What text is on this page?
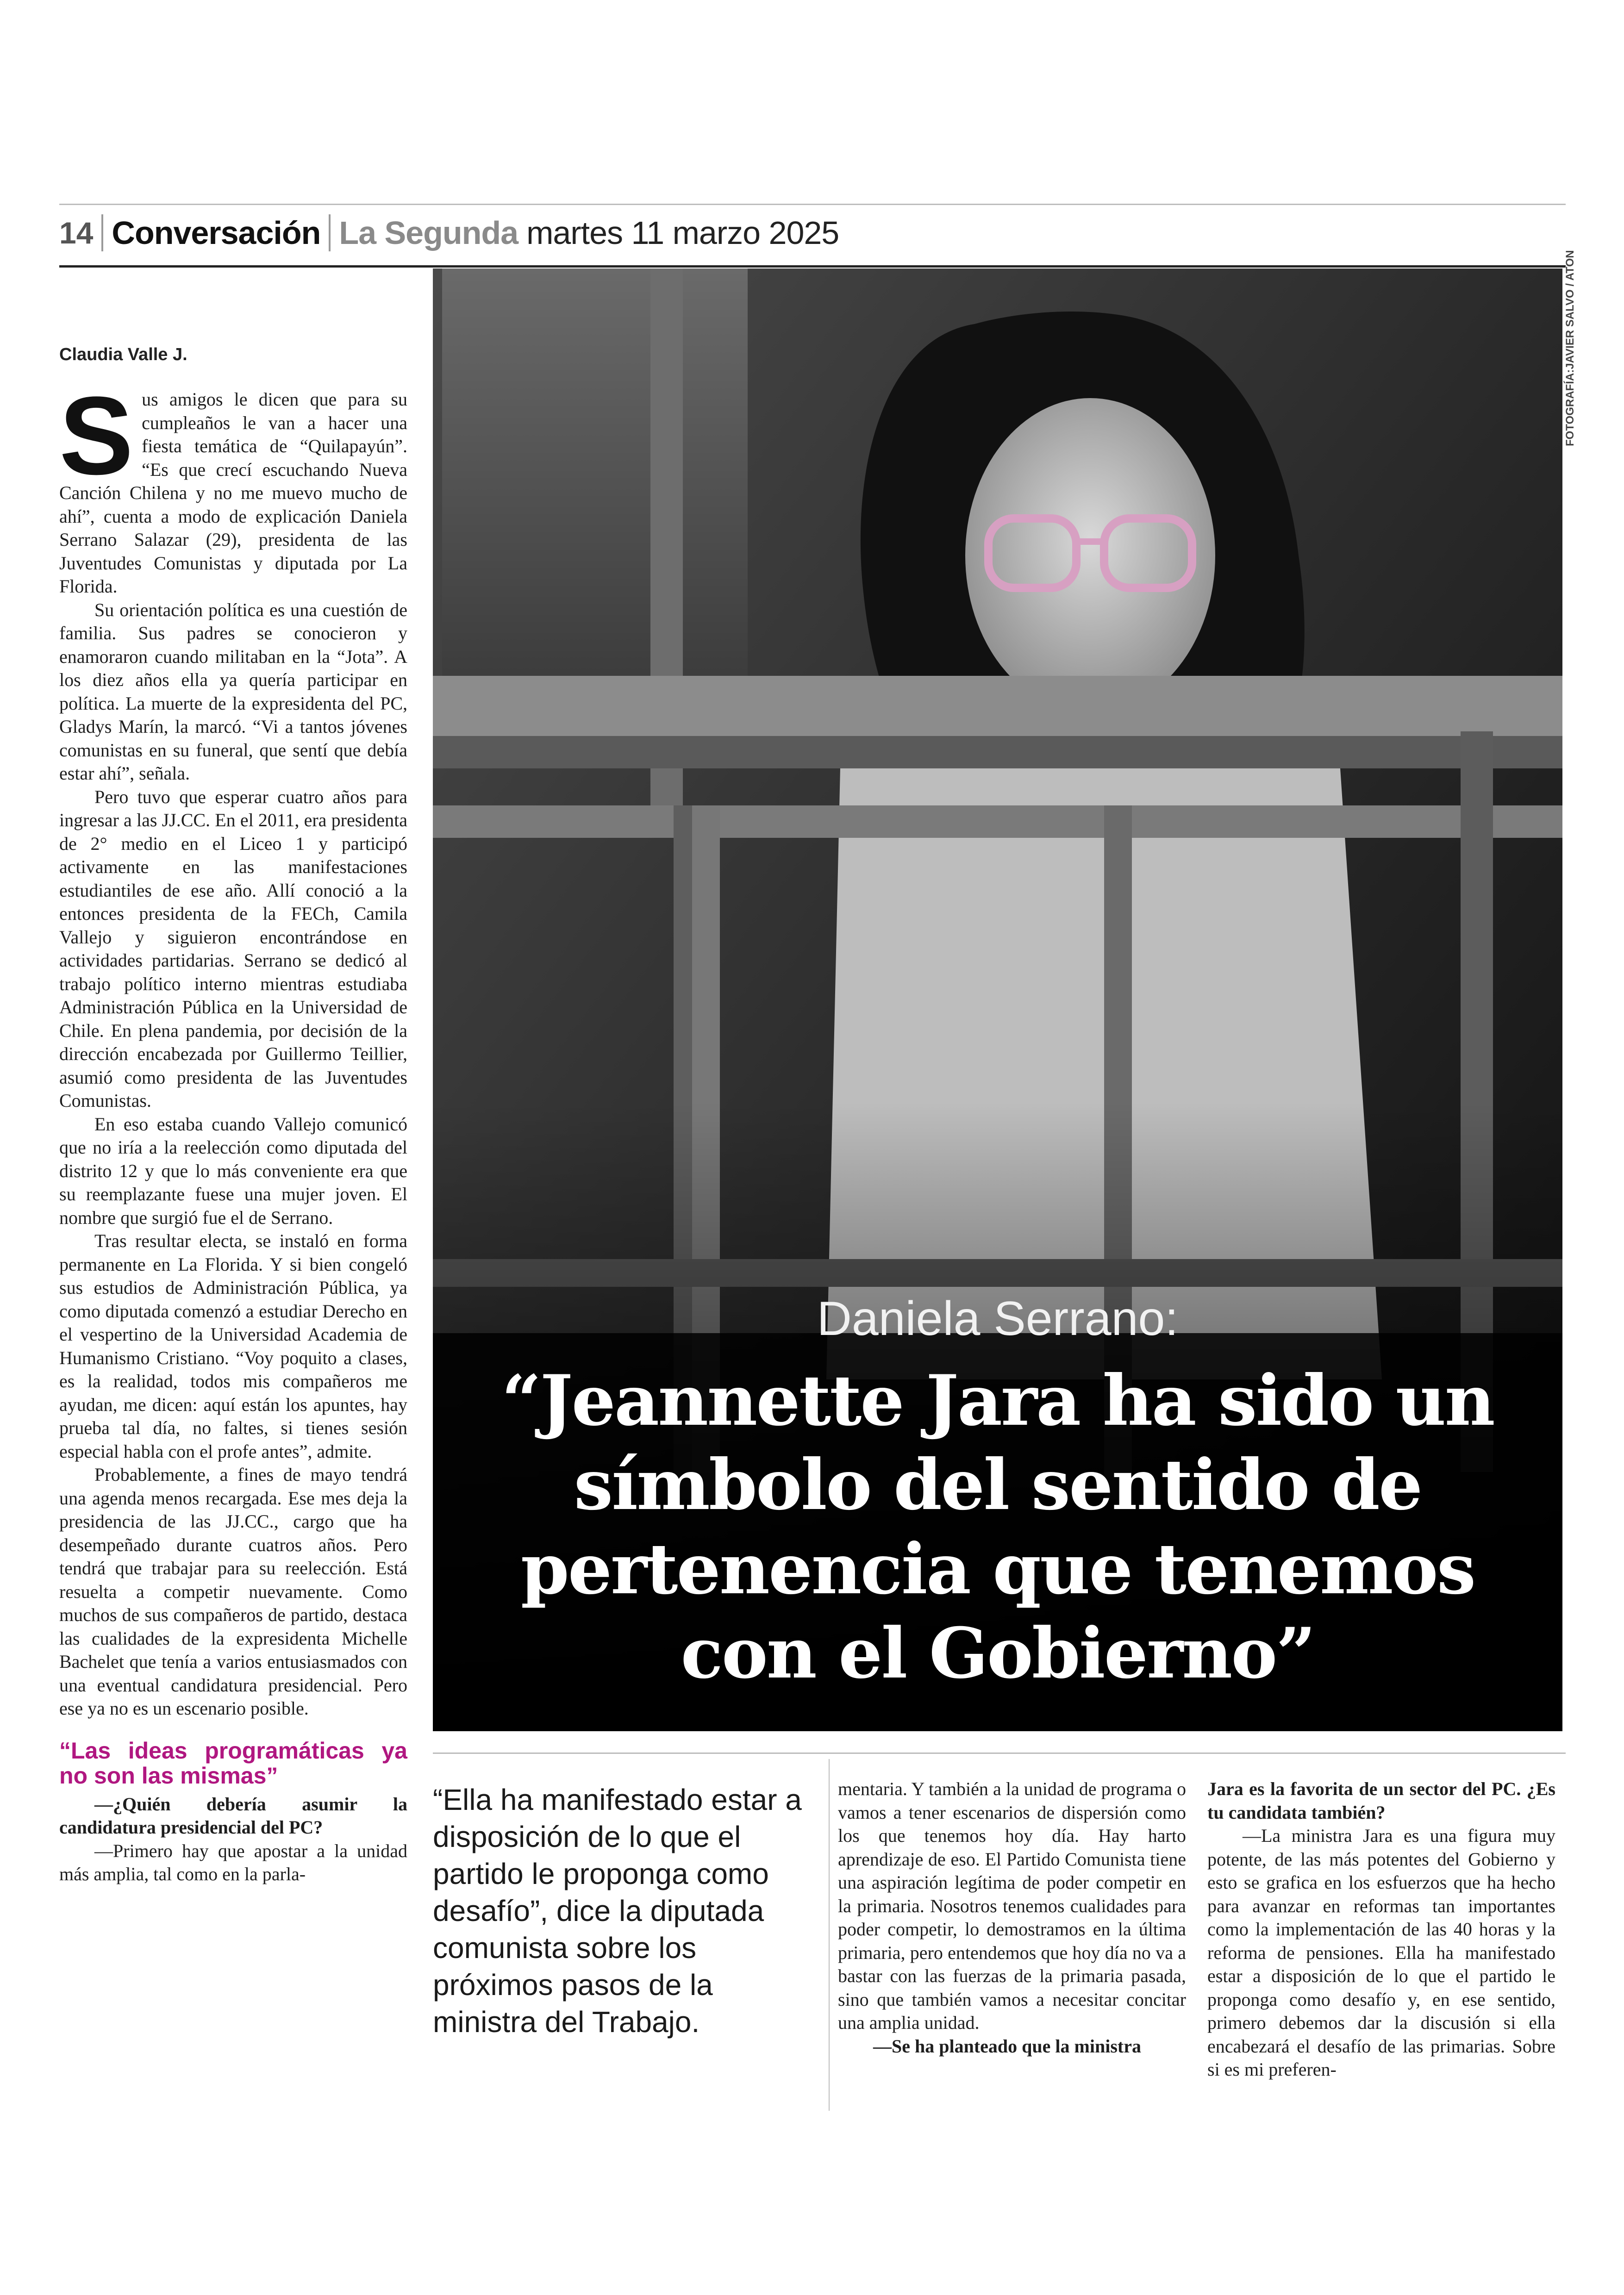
14 Conversación La Segunda martes 11 marzo 2025
FOTOGRAFÍA:JAVIER SALVO / ATON
Daniela Serrano:
“Jeannette Jara ha sido un símbolo del sentido de pertenencia que tenemos con el Gobierno”
Claudia Valle J.

Sus amigos le dicen que para su cumpleaños le van a hacer una fiesta temática de “Quilapayún”. “Es que crecí escuchando Nueva Canción Chilena y no me muevo mucho de ahí”, cuenta a modo de explicación Daniela Serrano Salazar (29), presidenta de las Juventudes Comunistas y diputada por La Florida.

Su orientación política es una cuestión de familia. Sus padres se conocieron y enamoraron cuando militaban en la “Jota”. A los diez años ella ya quería participar en política. La muerte de la expresidenta del PC, Gladys Marín, la marcó. “Vi a tantos jóvenes comunistas en su funeral, que sentí que debía estar ahí”, señala.

Pero tuvo que esperar cuatro años para ingresar a las JJ.CC. En el 2011, era presidenta de 2° medio en el Liceo 1 y participó activamente en las manifestaciones estudiantiles de ese año. Allí conoció a la entonces presidenta de la FECh, Camila Vallejo y siguieron encontrándose en actividades partidarias. Serrano se dedicó al trabajo político interno mientras estudiaba Administración Pública en la Universidad de Chile. En plena pandemia, por decisión de la dirección encabezada por Guillermo Teillier, asumió como presidenta de las Juventudes Comunistas.

En eso estaba cuando Vallejo comunicó que no iría a la reelección como diputada del distrito 12 y que lo más conveniente era que su reemplazante fuese una mujer joven. El nombre que surgió fue el de Serrano.

Tras resultar electa, se instaló en forma permanente en La Florida. Y si bien congeló sus estudios de Administración Pública, ya como diputada comenzó a estudiar Derecho en el vespertino de la Universidad Academia de Humanismo Cristiano. “Voy poquito a clases, es la realidad, todos mis compañeros me ayudan, me dicen: aquí están los apuntes, hay prueba tal día, no faltes, si tienes sesión especial habla con el profe antes”, admite.

Probablemente, a fines de mayo tendrá una agenda menos recargada. Ese mes deja la presidencia de las JJ.CC., cargo que ha desempeñado durante cuatros años. Pero tendrá que trabajar para su reelección. Está resuelta a competir nuevamente. Como muchos de sus compañeros de partido, destaca las cualidades de la expresidenta Michelle Bachelet que tenía a varios entusiasmados con una eventual candidatura presidencial. Pero ese ya no es un escenario posible.

“Las ideas programáticas ya no son las mismas”

—¿Quién debería asumir la candidatura presidencial del PC?

—Primero hay que apostar a la unidad más amplia, tal como en la parla-

“Ella ha manifestado estar a disposición de lo que el partido le proponga como desafío”, dice la diputada comunista sobre los próximos pasos de la ministra del Trabajo.

mentaria. Y también a la unidad de programa o vamos a tener escenarios de dispersión como los que tenemos hoy día. Hay harto aprendizaje de eso. El Partido Comunista tiene una aspiración legítima de poder competir en la primaria. Nosotros tenemos cualidades para poder competir, lo demostramos en la última primaria, pero entendemos que hoy día no va a bastar con las fuerzas de la primaria pasada, sino que también vamos a necesitar concitar una amplia unidad.

—Se ha planteado que la ministra

Jara es la favorita de un sector del PC. ¿Es tu candidata también?

—La ministra Jara es una figura muy potente, de las más potentes del Gobierno y esto se grafica en los esfuerzos que ha hecho para avanzar en reformas tan importantes como la implementación de las 40 horas y la reforma de pensiones. Ella ha manifestado estar a disposición de lo que el partido le proponga como desafío y, en ese sentido, primero debemos dar la discusión si ella encabezará el desafío de las primarias. Sobre si es mi preferen-
